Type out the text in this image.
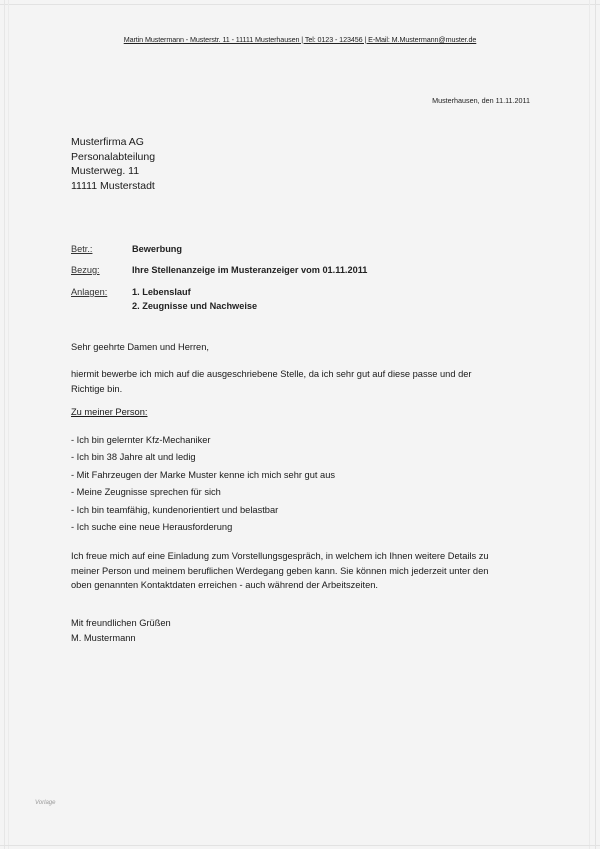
Martin Mustermann - Musterstr. 11 - 11111 Musterhausen | Tel: 0123 - 123456 | E-Mail: M.Mustermann@muster.de
Musterhausen, den 11.11.2011
Musterfirma AG
Personalabteilung
Musterweg. 11
11111 Musterstadt
Betr.:	Bewerbung
Bezug:	Ihre Stellenanzeige im Musteranzeiger vom 01.11.2011
Anlagen:	1. Lebenslauf
2. Zeugnisse und Nachweise
Sehr geehrte Damen und Herren,
hiermit bewerbe ich mich auf die ausgeschriebene Stelle, da ich sehr gut auf diese passe und der
Richtige bin.
Zu meiner Person:
- Ich bin gelernter Kfz-Mechaniker
- Ich bin 38 Jahre alt und ledig
- Mit Fahrzeugen der Marke Muster kenne ich mich sehr gut aus
- Meine Zeugnisse sprechen für sich
- Ich bin teamfähig, kundenorientiert und belastbar
- Ich suche eine neue Herausforderung
Ich freue mich auf eine Einladung zum Vorstellungsgespräch, in welchem ich Ihnen weitere Details zu
meiner Person und meinem beruflichen Werdegang geben kann. Sie können mich jederzeit unter den
oben genannten Kontaktdaten erreichen - auch während der Arbeitszeiten.
Mit freundlichen Grüßen
M. Mustermann
Vorlage
